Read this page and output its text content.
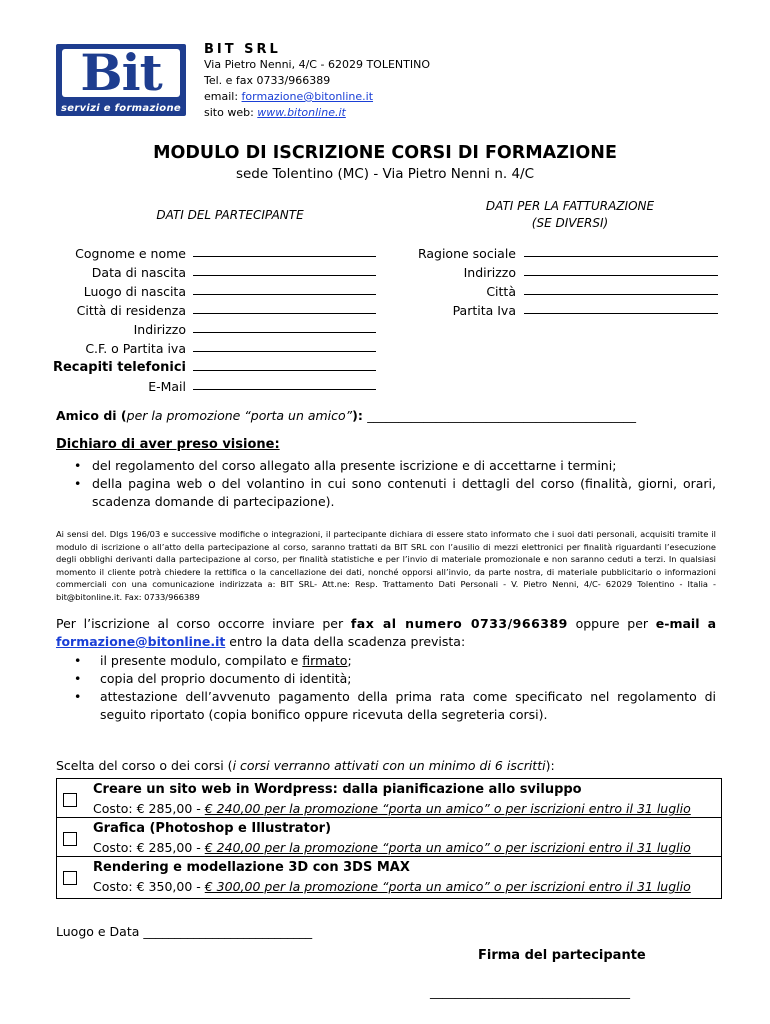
Bit
servizi e formazione
BIT SRL
Via Pietro Nenni, 4/C - 62029 TOLENTINO
Tel. e fax 0733/966389
email: formazione@bitonline.it
sito web: www.bitonline.it
MODULO DI ISCRIZIONE CORSI DI FORMAZIONE
sede Tolentino (MC) - Via Pietro Nenni n. 4/C
DATI DEL PARTECIPANTE
DATI PER LA FATTURAZIONE
(SE DIVERSI)
Cognome e nome
Data di nascita
Luogo di nascita
Città di residenza
Indirizzo
C.F. o Partita iva
Recapiti telefonici
E-Mail
Ragione sociale
Indirizzo
Città
Partita Iva
Amico di (per la promozione “porta un amico”): ___________________________________________
Dichiaro di aver preso visione:
• del regolamento del corso allegato alla presente iscrizione e di accettarne i termini;
• della pagina web o del volantino in cui sono contenuti i dettagli del corso (finalità, giorni, orari, scadenza domande di partecipazione).
Ai sensi del. Dlgs 196/03 e successive modifiche o integrazioni, il partecipante dichiara di essere stato informato che i suoi dati personali, acquisiti tramite il modulo di iscrizione o all’atto della partecipazione al corso, saranno trattati da BIT SRL con l’ausilio di mezzi elettronici per finalità riguardanti l’esecuzione degli obblighi derivanti dalla partecipazione al corso, per finalità statistiche e per l’invio di materiale promozionale e non saranno ceduti a terzi. In qualsiasi momento il cliente potrà chiedere la rettifica o la cancellazione dei dati, nonché opporsi all’invio, da parte nostra, di materiale pubblicitario o informazioni commerciali con una comunicazione indirizzata a: BIT SRL- Att.ne: Resp. Trattamento Dati Personali - V. Pietro Nenni, 4/C- 62029 Tolentino - Italia - bit@bitonline.it. Fax: 0733/966389
Per l’iscrizione al corso occorre inviare per fax al numero 0733/966389 oppure per e-mail a formazione@bitonline.it entro la data della scadenza prevista:
• il presente modulo, compilato e firmato;
• copia del proprio documento di identità;
• attestazione dell’avvenuto pagamento della prima rata come specificato nel regolamento di seguito riportato (copia bonifico oppure ricevuta della segreteria corsi).
Scelta del corso o dei corsi (i corsi verranno attivati con un minimo di 6 iscritti):
Creare un sito web in Wordpress: dalla pianificazione allo sviluppo
Costo: € 285,00 - € 240,00 per la promozione “porta un amico” o per iscrizioni entro il 31 luglio
Grafica (Photoshop e Illustrator)
Costo: € 285,00 - € 240,00 per la promozione “porta un amico” o per iscrizioni entro il 31 luglio
Rendering e modellazione 3D con 3DS MAX
Costo: € 350,00 - € 300,00 per la promozione “porta un amico” o per iscrizioni entro il 31 luglio
Luogo e Data ___________________________
Firma del partecipante
________________________________
